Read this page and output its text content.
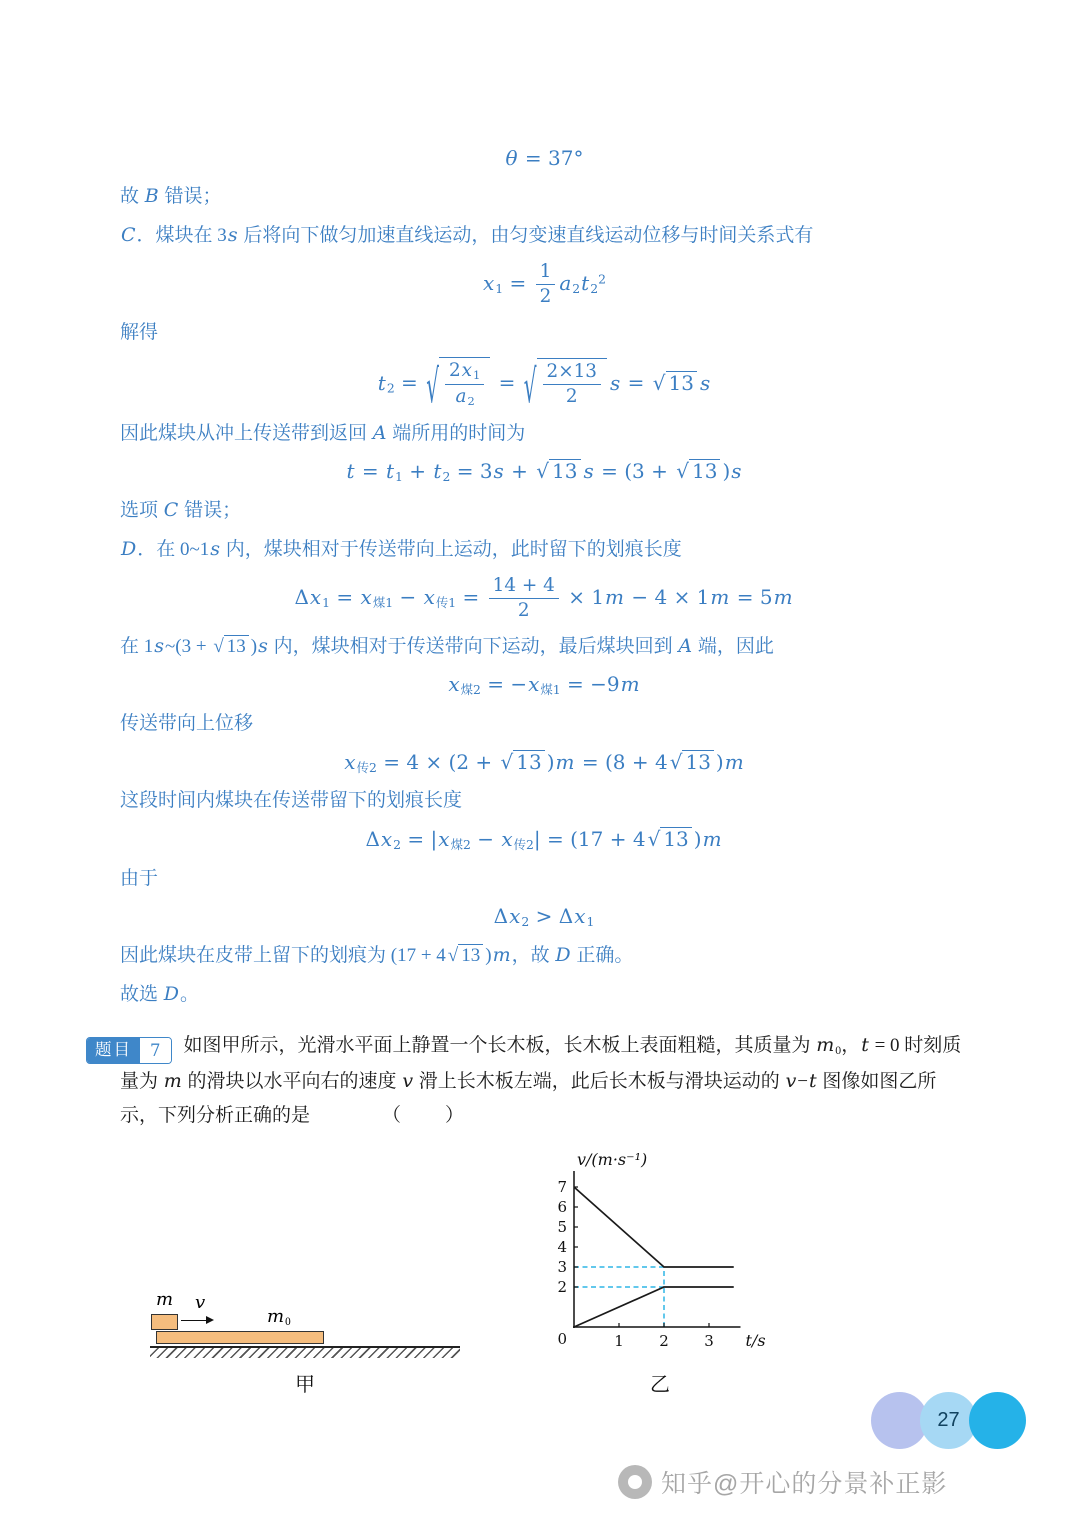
θ = 37°

故 B 错误；

C．煤块在 3s 后将向下做匀加速直线运动，由匀变速直线运动位移与时间关系式有

$x_1 = \frac{1}{2} a_2t_2^2$

解得

$t_2$ = √ $\frac{2x_1}{a_2}$ = √ $\frac{2\times 13}{2}$ s = √ 13 s

因此煤块从冲上传送带到返回 A 端所用的时间为

$t = t_1 + t_2 = 3s$ + √ 13 s = (3 + √ 13 )s

选项 C 错误；

D．在 0~1s 内，煤块相对于传送带向上运动，此时留下的划痕长度

$\Delta x_1 = x_{煤1} - x_{传1} = \frac{14 + 4}{2} \times 1m - 4 \times 1m = 5m$

在 1s~(3 + √ 13 )s 内，煤块相对于传送带向下运动，最后煤块回到 A 端，因此

$x_{煤2} = -x_{煤1} = -9m$

传送带向上位移

$x_{传2} = 4 \times (2$ + √ 13 )m = (8 + 4 √ 13 )m

这段时间内煤块在传送带留下的划痕长度

$\Delta x_2 = |x_{煤2} - x_{传2}| = (17 + 4$ √ 13 )m

由于

$\Delta x_2 > \Delta x_1$

因此煤块在皮带上留下的划痕为 (17 + 4 √ 13 )m，故 D 正确。

故选 D。

题目	7	如图甲所示，光滑水平面上静置一个长木板，长木板上表面粗糙，其质量为 $m_0$，t = 0 时刻质量为 m 的滑块以水平向右的速度 v 滑上长木板左端，此后长木板与滑块运动的 v−t 图像如图乙所示，下列分析正确的是	（　　）
m v
$m_0$
甲
2
3
4
5
6
7
1 2 3
0
v/(m·s⁻¹)
t/s
乙
27
知乎@开心的分景补正影
